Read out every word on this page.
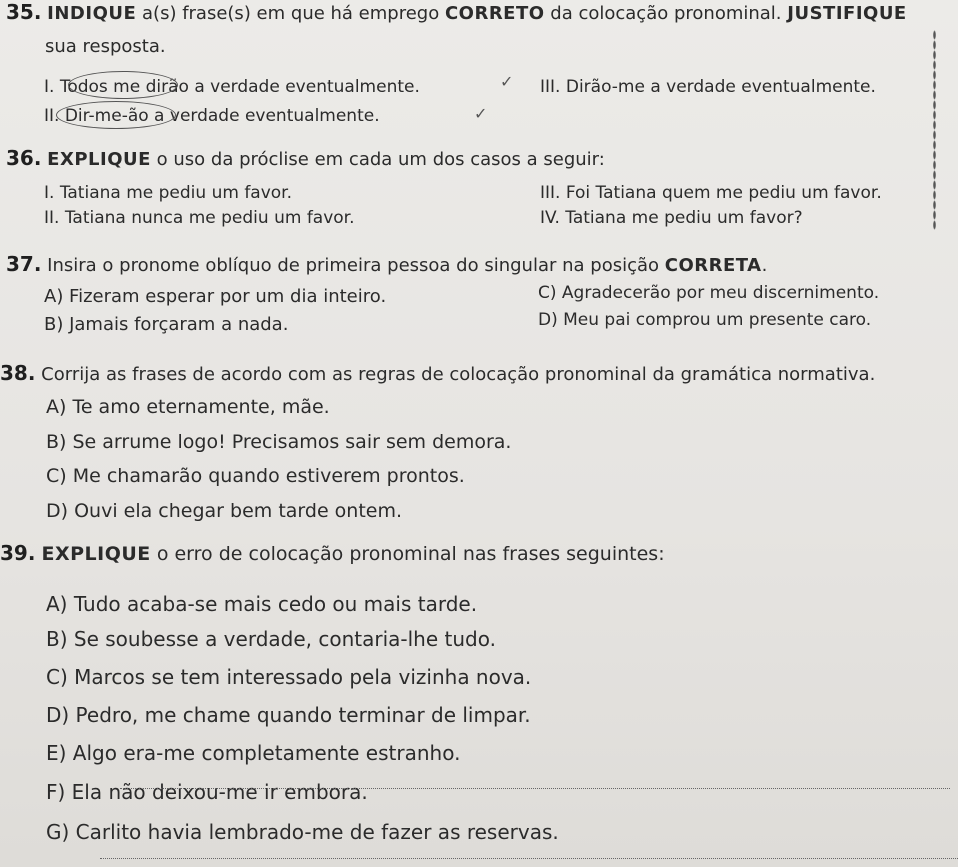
35. INDIQUE a(s) frase(s) em que há emprego CORRETO da colocação pronominal. JUSTIFIQUE
sua resposta.
I. Todos me dirão a verdade eventualmente.
II. Dir-me-ão a verdade eventualmente.
III. Dirão-me a verdade eventualmente.
✓
✓
36. EXPLIQUE o uso da próclise em cada um dos casos a seguir:
I. Tatiana me pediu um favor.
II. Tatiana nunca me pediu um favor.
III. Foi Tatiana quem me pediu um favor.
IV. Tatiana me pediu um favor?
37. Insira o pronome oblíquo de primeira pessoa do singular na posição CORRETA.
A) Fizeram esperar por um dia inteiro.
B) Jamais forçaram a nada.
C) Agradecerão por meu discernimento.
D) Meu pai comprou um presente caro.
38. Corrija as frases de acordo com as regras de colocação pronominal da gramática normativa.
A) Te amo eternamente, mãe.
B) Se arrume logo! Precisamos sair sem demora.
C) Me chamarão quando estiverem prontos.
D) Ouvi ela chegar bem tarde ontem.
39. EXPLIQUE o erro de colocação pronominal nas frases seguintes:
A) Tudo acaba-se mais cedo ou mais tarde.
B) Se soubesse a verdade, contaria-lhe tudo.
C) Marcos se tem interessado pela vizinha nova.
D) Pedro, me chame quando terminar de limpar.
E) Algo era-me completamente estranho.
F) Ela não deixou-me ir embora.
G) Carlito havia lembrado-me de fazer as reservas.
